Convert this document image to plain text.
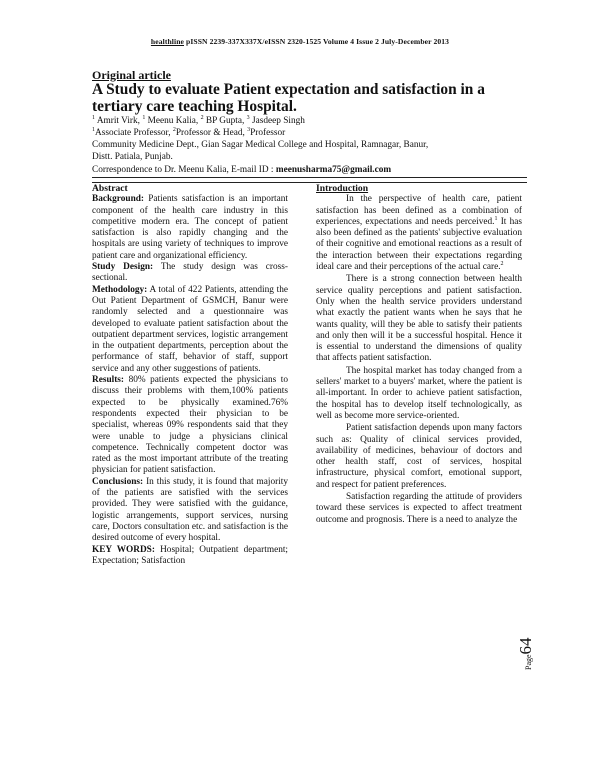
healthline pISSN 2239-337X337X/eISSN 2320-1525 Volume 4 Issue 2 July-December 2013
Original article
A Study to evaluate Patient expectation and satisfaction in a tertiary care teaching Hospital.
$^1$ Amrit Virk, $^1$ Meenu Kalia, $^2$ BP Gupta, $^3$ Jasdeep Singh
$^1$Associate Professor, $^2$Professor & Head, $^3$Professor
Community Medicine Dept., Gian Sagar Medical College and Hospital, Ramnagar, Banur,
Distt. Patiala, Punjab.
Correspondence to Dr. Meenu Kalia, E-mail ID : meenusharma75@gmail.com
Abstract

Background: Patients satisfaction is an important component of the health care industry in this competitive modern era. The concept of patient satisfaction is also rapidly changing and the hospitals are using variety of techniques to improve patient care and organizational efficiency.

Study Design: The study design was cross-sectional.

Methodology: A total of 422 Patients, attending the Out Patient Department of GSMCH, Banur were randomly selected and a questionnaire was developed to evaluate patient satisfaction about the outpatient department services, logistic arrangement in the outpatient departments, perception about the performance of staff, behavior of staff, support service and any other suggestions of patients.

Results: 80% patients expected the physicians to discuss their problems with them,100% patients expected to be physically examined.76% respondents expected their physician to be specialist, whereas 09% respondents said that they were unable to judge a physicians clinical competence. Technically competent doctor was rated as the most important attribute of the treating physician for patient satisfaction.

Conclusions: In this study, it is found that majority of the patients are satisfied with the services provided. They were satisfied with the guidance, logistic arrangements, support services, nursing care, Doctors consultation etc. and satisfaction is the desired outcome of every hospital.

KEY WORDS: Hospital; Outpatient department; Expectation; Satisfaction

Introduction

In the perspective of health care, patient satisfaction has been defined as a combination of experiences, expectations and needs perceived.$^1$ It has also been defined as the patients' subjective evaluation of their cognitive and emotional reactions as a result of the interaction between their expectations regarding ideal care and their perceptions of the actual care.$^2$

There is a strong connection between health service quality perceptions and patient satisfaction. Only when the health service providers understand what exactly the patient wants when he says that he wants quality, will they be able to satisfy their patients and only then will it be a successful hospital. Hence it is essential to understand the dimensions of quality that affects patient satisfaction.

The hospital market has today changed from a sellers' market to a buyers' market, where the patient is all-important. In order to achieve patient satisfaction, the hospital has to develop itself technologically, as well as become more service-oriented.

Patient satisfaction depends upon many factors such as: Quality of clinical services provided, availability of medicines, behaviour of doctors and other health staff, cost of services, hospital infrastructure, physical comfort, emotional support, and respect for patient preferences.

Satisfaction regarding the attitude of providers toward these services is expected to affect treatment outcome and prognosis. There is a need to analyze the

Page64
